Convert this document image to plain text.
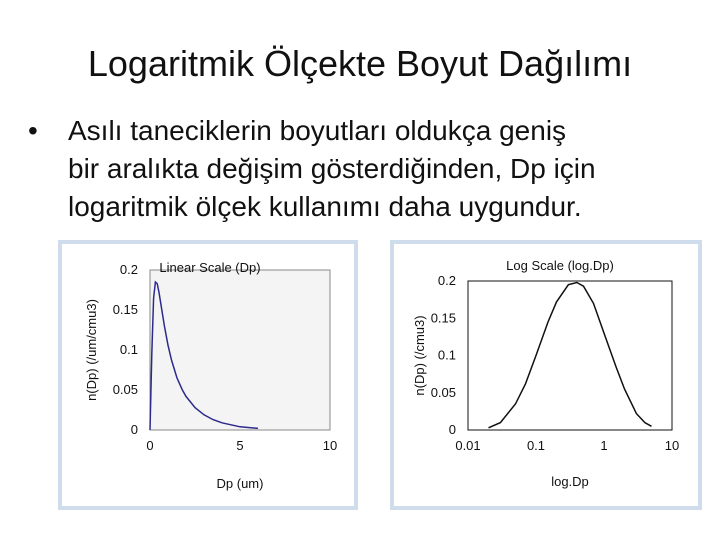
Logaritmik Ölçekte Boyut Dağılımı
•	Asılı taneciklerin boyutları oldukça geniş
bir aralıkta değişim gösterdiğinden, Dp için
logaritmik ölçek kullanımı daha uygundur.
Linear Scale (Dp)
0
0.05
0.1
0.15
0.2
0	5	10
Dp (um)
n(Dp) (/um/cmu3)
Log Scale (log.Dp)
0
0.05
0.1
0.15
0.2
0.01	0.1	1	10
log.Dp
n(Dp) (/cmu3)
